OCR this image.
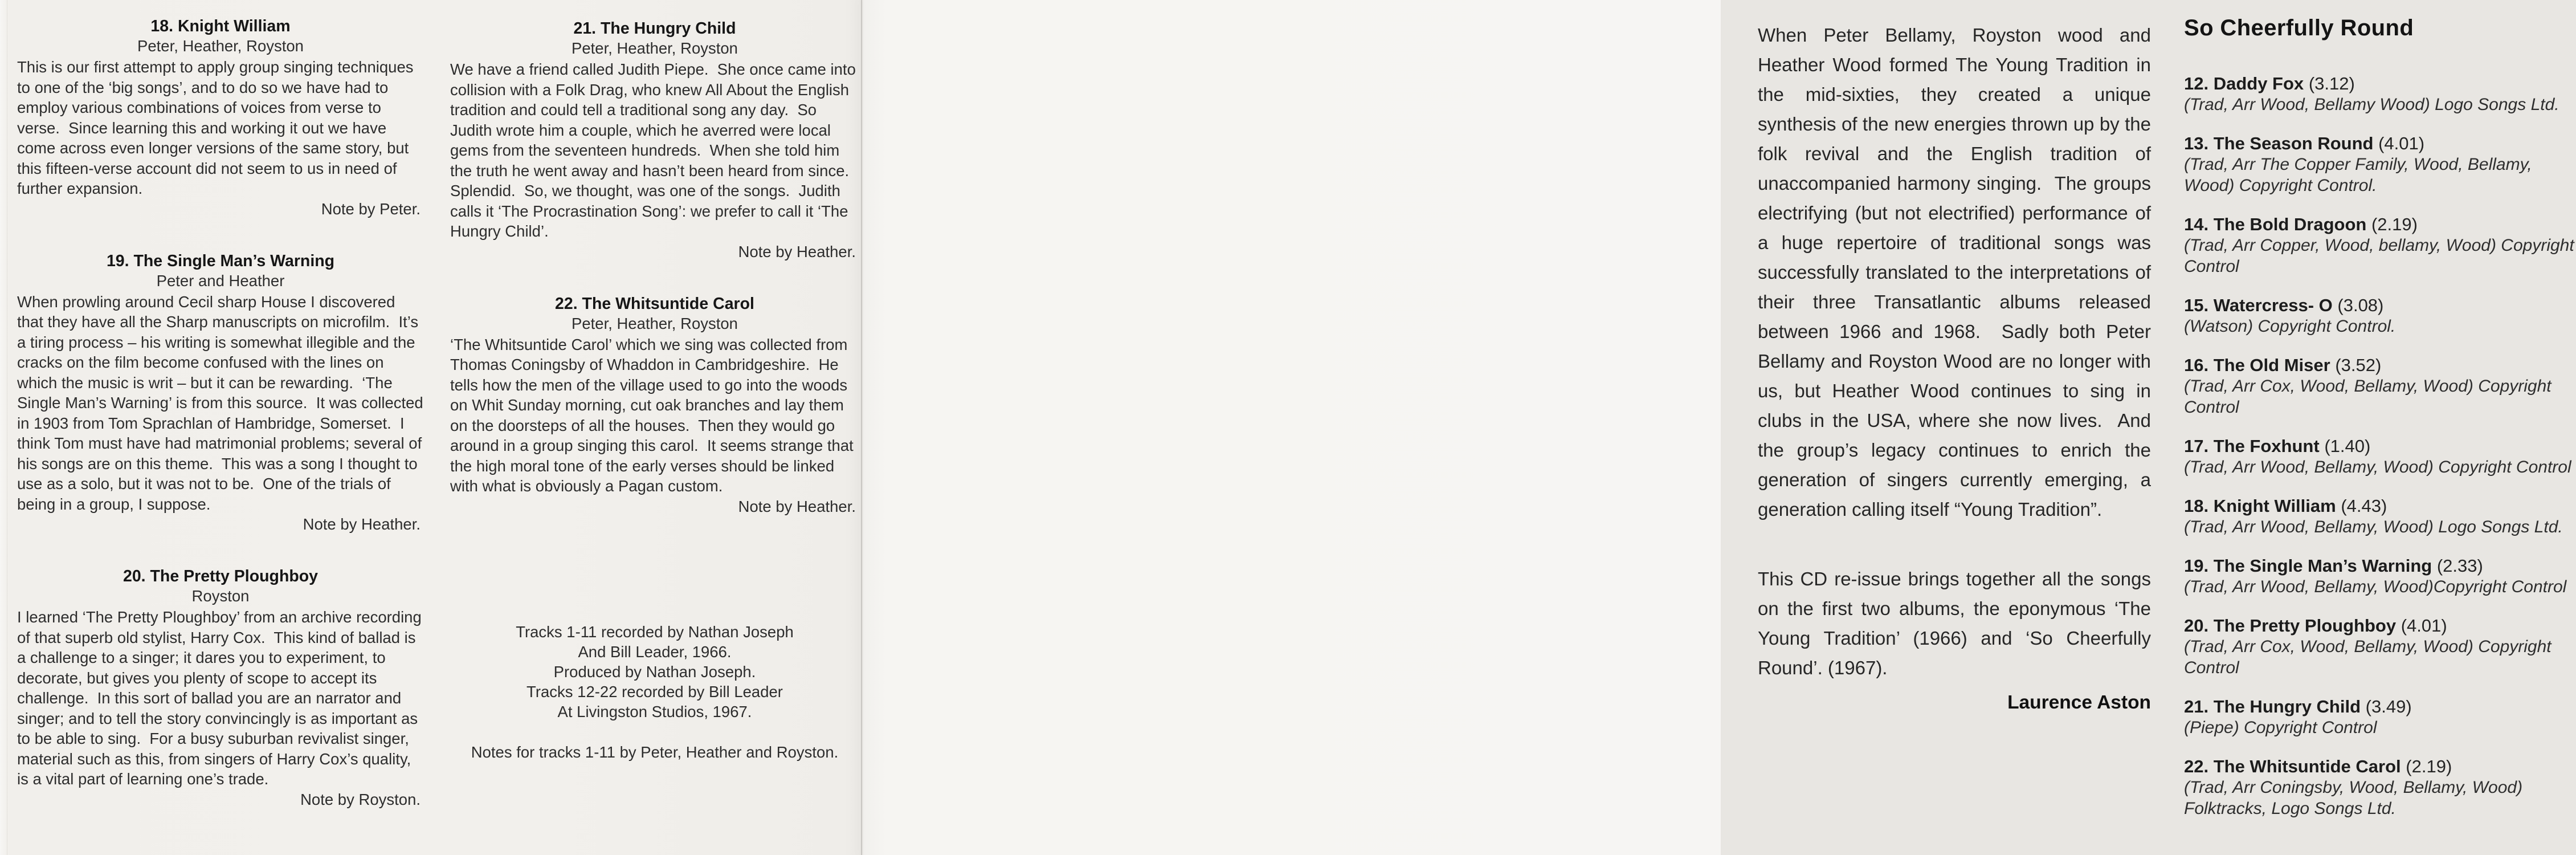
18. Knight William
Peter, Heather, Royston

This is our first attempt to apply group singing techniques to one of the ‘big songs’, and to do so we have had to employ various combinations of voices from verse to verse.  Since learning this and working it out we have come across even longer versions of the same story, but this fifteen-verse account did not seem to us in need of further expansion.

Note by Peter.
19. The Single Man’s Warning
Peter and Heather

When prowling around Cecil sharp House I discovered that they have all the Sharp manuscripts on microfilm.  It’s a tiring process – his writing is somewhat illegible and the cracks on the film become confused with the lines on which the music is writ – but it can be rewarding.  ‘The Single Man’s Warning’ is from this source.  It was collected in 1903 from Tom Sprachlan of Hambridge, Somerset.  I think Tom must have had matrimonial problems; several of his songs are on this theme.  This was a song I thought to use as a solo, but it was not to be.  One of the trials of being in a group, I suppose.

Note by Heather.
20. The Pretty Ploughboy
Royston

I learned ‘The Pretty Ploughboy’ from an archive recording of that superb old stylist, Harry Cox.  This kind of ballad is a challenge to a singer; it dares you to experiment, to decorate, but gives you plenty of scope to accept its challenge.  In this sort of ballad you are an narrator and singer; and to tell the story convincingly is as important as to be able to sing.  For a busy suburban revivalist singer, material such as this, from singers of Harry Cox’s quality, is a vital part of learning one’s trade.

Note by Royston.
21. The Hungry Child
Peter, Heather, Royston

We have a friend called Judith Piepe.  She once came into collision with a Folk Drag, who knew All About the English tradition and could tell a traditional song any day.  So Judith wrote him a couple, which he averred were local gems from the seventeen hundreds.  When she told him the truth he went away and hasn’t been heard from since.  Splendid.  So, we thought, was one of the songs.  Judith calls it ‘The Procrastination Song’: we prefer to call it ‘The Hungry Child’.

Note by Heather.
22. The Whitsuntide Carol
Peter, Heather, Royston

‘The Whitsuntide Carol’ which we sing was collected from Thomas Coningsby of Whaddon in Cambridgeshire.  He tells how the men of the village used to go into the woods on Whit Sunday morning, cut oak branches and lay them on the doorsteps of all the houses.  Then they would go around in a group singing this carol.  It seems strange that the high moral tone of the early verses should be linked with what is obviously a Pagan custom.

Note by Heather.
Tracks 1-11 recorded by Nathan Joseph
And Bill Leader, 1966.
Produced by Nathan Joseph.
Tracks 12-22 recorded by Bill Leader
At Livingston Studios, 1967.
Notes for tracks 1-11 by Peter, Heather and Royston.

When Peter Bellamy, Royston wood and Heather Wood formed The Young Tradition in the mid-sixties, they created a unique synthesis of the new energies thrown up by the folk revival and the English tradition of unaccompanied harmony singing.  The groups electrifying (but not electrified) performance of a huge repertoire of traditional songs was successfully translated to the interpretations of their three Transatlantic albums released between 1966 and 1968.  Sadly both Peter Bellamy and Royston Wood are no longer with us, but Heather Wood continues to sing in clubs in the USA, where she now lives.  And the group’s legacy continues to enrich the generation of singers currently emerging, a generation calling itself “Young Tradition”.

This CD re-issue brings together all the songs on the first two albums, the eponymous ‘The Young Tradition’ (1966) and ‘So Cheerfully Round’. (1967).

Laurence Aston
So Cheerfully Round
12. Daddy Fox (3.12)
(Trad, Arr Wood, Bellamy Wood) Logo Songs Ltd.
13. The Season Round (4.01)
(Trad, Arr The Copper Family, Wood, Bellamy, Wood) Copyright Control.
14. The Bold Dragoon (2.19)
(Trad, Arr Copper, Wood, bellamy, Wood) Copyright Control
15. Watercress- O (3.08)
(Watson) Copyright Control.
16. The Old Miser (3.52)
(Trad, Arr Cox, Wood, Bellamy, Wood) Copyright Control
17. The Foxhunt (1.40)
(Trad, Arr Wood, Bellamy, Wood) Copyright Control
18. Knight William (4.43)
(Trad, Arr Wood, Bellamy, Wood) Logo Songs Ltd.
19. The Single Man’s Warning (2.33)
(Trad, Arr Wood, Bellamy, Wood)Copyright Control
20. The Pretty Ploughboy (4.01)
(Trad, Arr Cox, Wood, Bellamy, Wood) Copyright Control
21. The Hungry Child (3.49)
(Piepe) Copyright Control
22. The Whitsuntide Carol (2.19)
(Trad, Arr Coningsby, Wood, Bellamy, Wood) Folktracks, Logo Songs Ltd.
